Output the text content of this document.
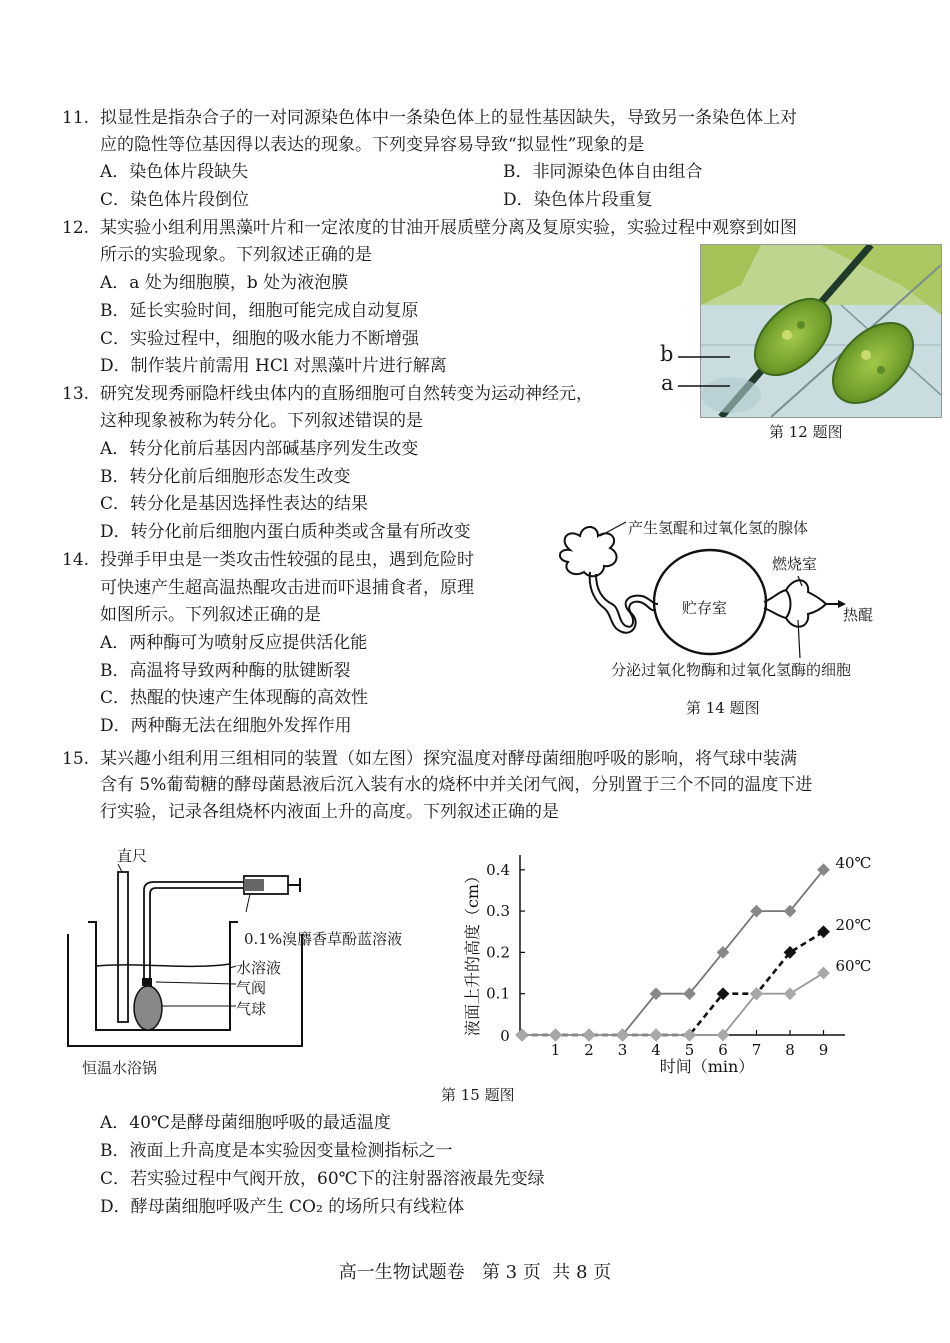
11. 拟显性是指杂合子的一对同源染色体中一条染色体上的显性基因缺失，导致另一条染色体上对
应的隐性等位基因得以表达的现象。下列变异容易导致“拟显性”现象的是
A．染色体片段缺失	B．非同源染色体自由组合
C．染色体片段倒位	D．染色体片段重复
12. 某实验小组利用黑藻叶片和一定浓度的甘油开展质壁分离及复原实验，实验过程中观察到如图
所示的实验现象。下列叙述正确的是
A．a 处为细胞膜，b 处为液泡膜
B．延长实验时间，细胞可能完成自动复原
C．实验过程中，细胞的吸水能力不断增强
D．制作装片前需用 HCl 对黑藻叶片进行解离	b
a
第 12 题图
13. 研究发现秀丽隐杆线虫体内的直肠细胞可自然转变为运动神经元，
这种现象被称为转分化。下列叙述错误的是
A．转分化前后基因内部碱基序列发生改变
B．转分化前后细胞形态发生改变
C．转分化是基因选择性表达的结果
D．转分化前后细胞内蛋白质种类或含量有所改变
14. 投弹手甲虫是一类攻击性较强的昆虫，遇到危险时
可快速产生超高温热醌攻击进而吓退捕食者，原理
如图所示。下列叙述正确的是
A．两种酶可为喷射反应提供活化能
B．高温将导致两种酶的肽键断裂
C．热醌的快速产生体现酶的高效性
D．两种酶无法在细胞外发挥作用
产生氢醌和过氧化氢的腺体
燃烧室
贮存室	热醌
分泌过氧化物酶和过氧化氢酶的细胞
第 14 题图
15. 某兴趣小组利用三组相同的装置（如左图）探究温度对酵母菌细胞呼吸的影响，将气球中装满
含有 5%葡萄糖的酵母菌悬液后沉入装有水的烧杯中并关闭气阀，分别置于三个不同的温度下进
行实验，记录各组烧杯内液面上升的高度。下列叙述正确的是
直尺
0.1%溴麝香草酚蓝溶液
水溶液
气阀
气球
恒温水浴锅
液面上升的高度（cm）
时间（min）
0
1 2 3 4 5 6 7 8 9
0.1
0.2
0.3
0.4	40℃
20℃
60℃
第 15 题图
A．40℃是酵母菌细胞呼吸的最适温度
B．液面上升高度是本实验因变量检测指标之一
C．若实验过程中气阀开放，60℃下的注射器溶液最先变绿
D．酵母菌细胞呼吸产生 CO₂ 的场所只有线粒体
高一生物试题卷   第 3 页  共 8 页
